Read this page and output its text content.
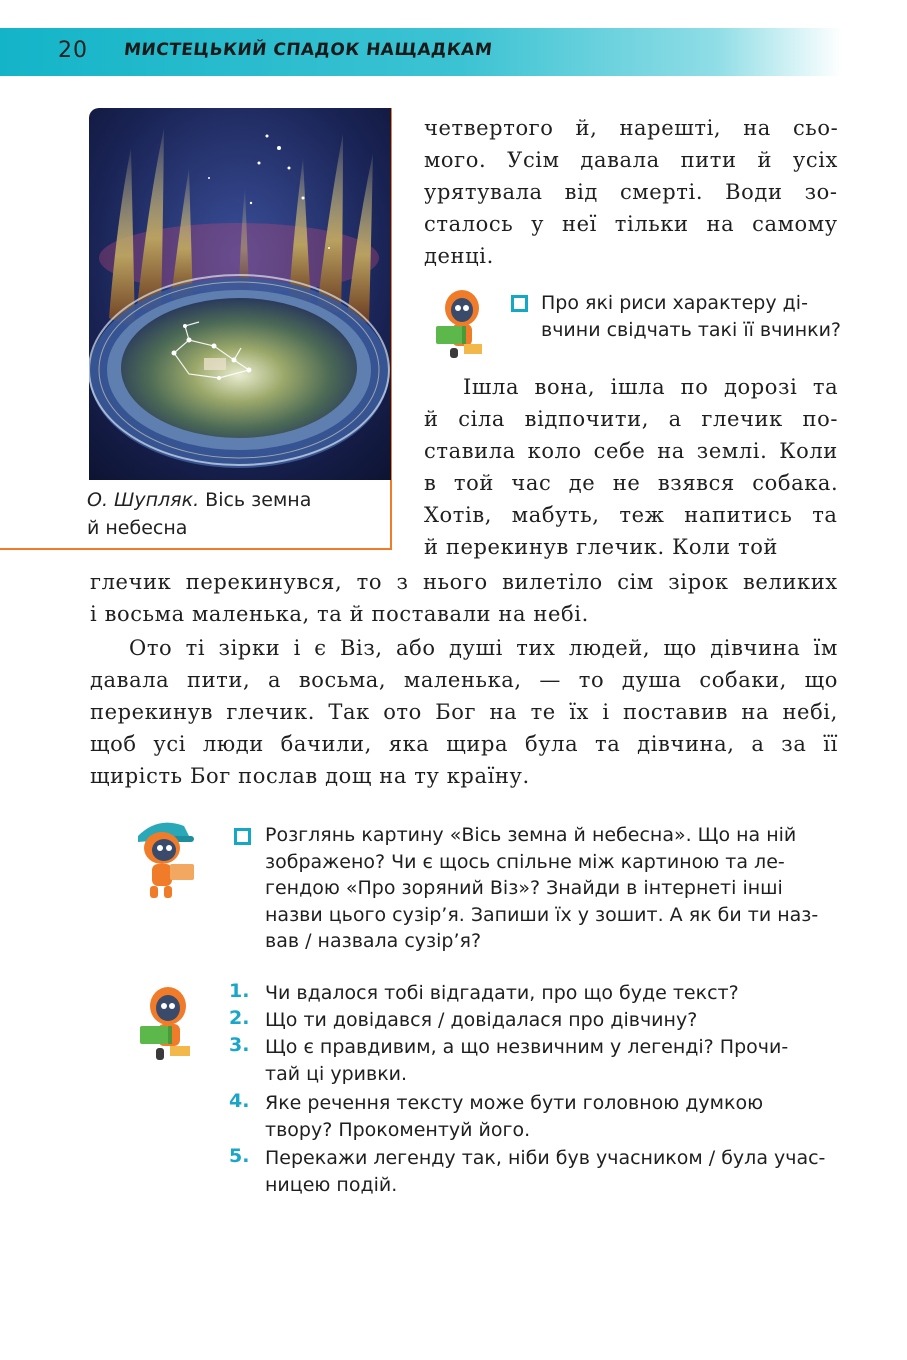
20 МИСТЕЦЬКИЙ СПАДОК НАЩАДКАМ
О. Шупляк. Вісь земна
й небесна
четвертого й, нарешті, на сьо-
мого. Усім давала пити й усіх
урятувала від смерті. Води зо-
сталось у неї тільки на самому
денці.
Про які риси характеру ді-
вчини свідчать такі її вчинки?
Ішла вона, ішла по дорозі та
й сіла відпочити, а глечик по-
ставила коло себе на землі. Коли
в той час де не взявся собака.
Хотів, мабуть, теж напитись та
й перекинув глечик. Коли той
глечик перекинувся, то з нього вилетіло сім зірок великих
і восьма маленька, та й поставали на небі.
Ото ті зірки і є Віз, або душі тих людей, що дівчина їм
давала пити, а восьма, маленька, — то душа собаки, що
перекинув глечик. Так ото Бог на те їх і поставив на небі,
щоб усі люди бачили, яка щира була та дівчина, а за її
щирість Бог послав дощ на ту країну.
Розглянь картину «Вісь земна й небесна». Що на ній
зображено? Чи є щось спільне між картиною та ле-
гендою «Про зоряний Віз»? Знайди в інтернеті інші
назви цього сузір’я. Запиши їх у зошит. А як би ти наз-
вав / назвала сузір’я?
1. Чи вдалося тобі відгадати, про що буде текст?
2. Що ти довідався / довідалася про дівчину?
3. Що є правдивим, а що незвичним у легенді? Прочи-
тай ці уривки.
4. Яке речення тексту може бути головною думкою
твору? Прокоментуй його.
5. Перекажи легенду так, ніби був учасником / була учас-
ницею подій.
